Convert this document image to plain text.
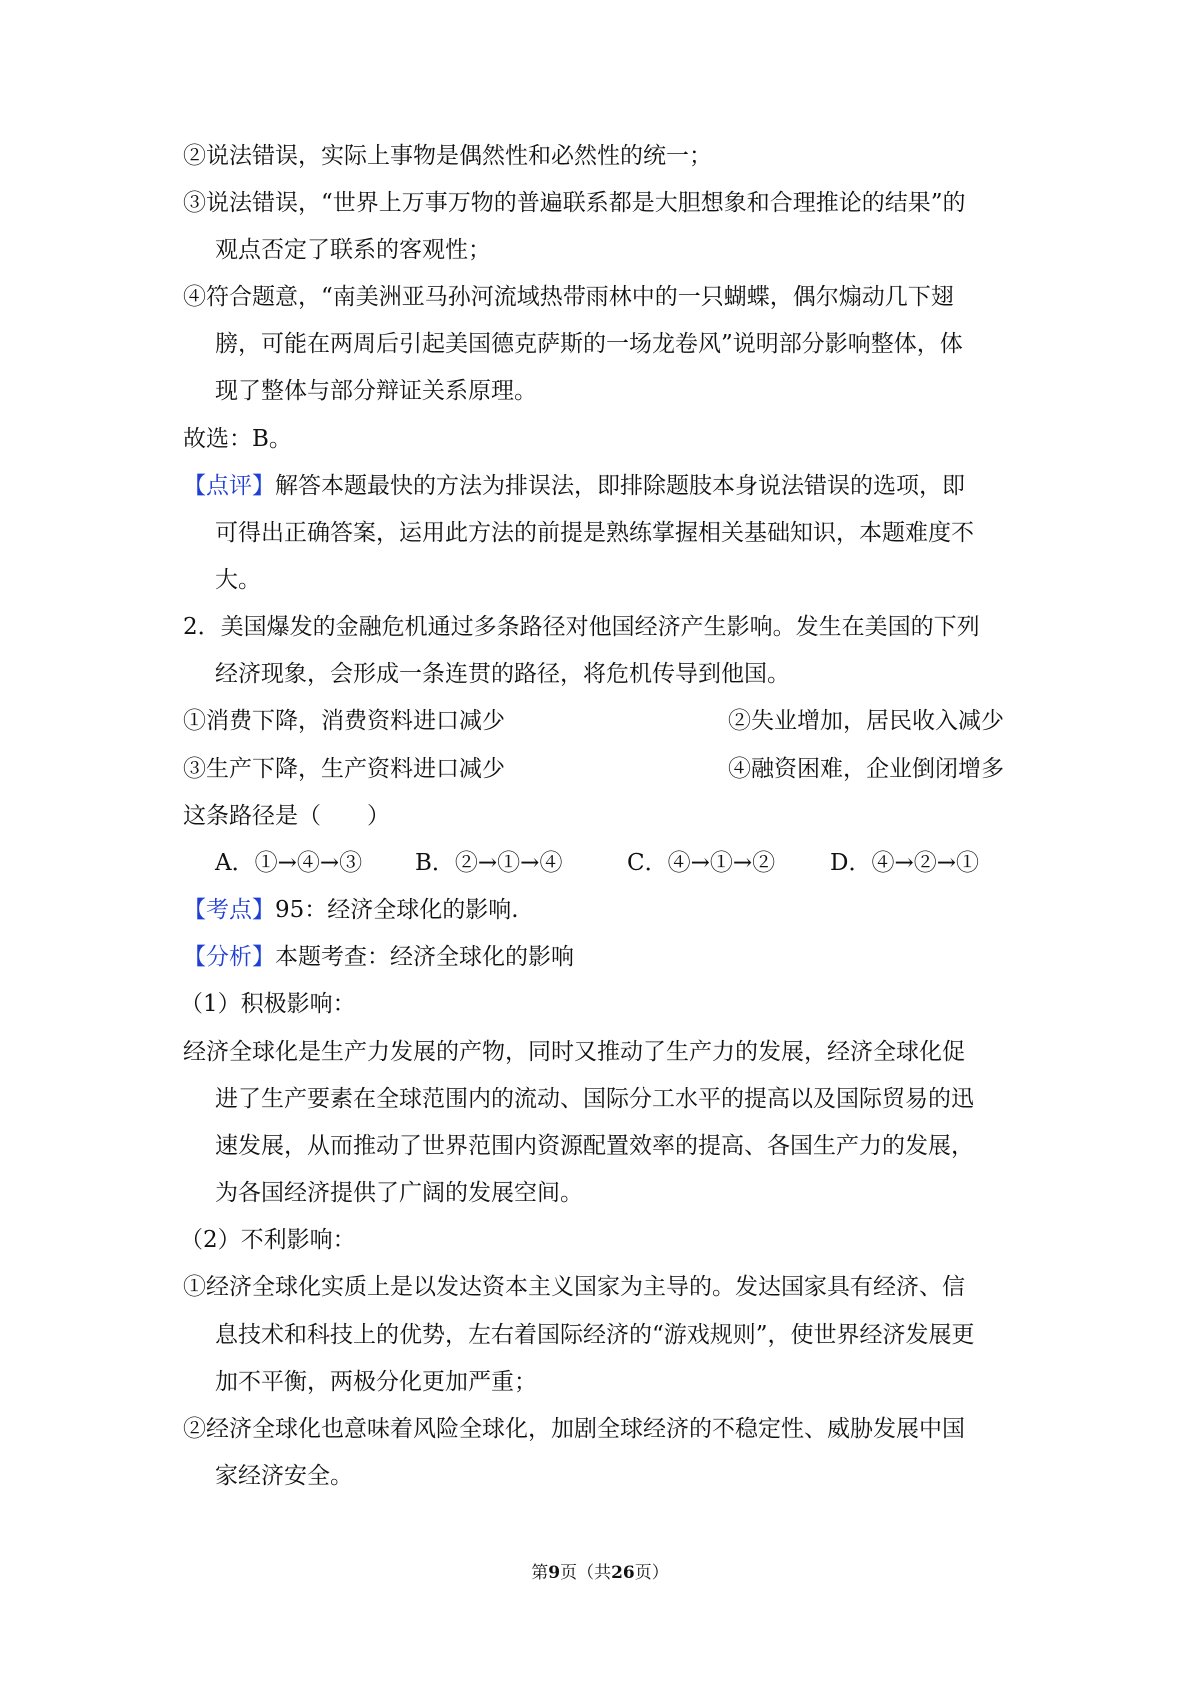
②说法错误，实际上事物是偶然性和必然性的统一；
③说法错误，“世界上万事万物的普遍联系都是大胆想象和合理推论的结果”的
观点否定了联系的客观性；
④符合题意，“南美洲亚马孙河流域热带雨林中的一只蝴蝶，偶尔煽动几下翅
膀，可能在两周后引起美国德克萨斯的一场龙卷风”说明部分影响整体，体
现了整体与部分辩证关系原理。
故选：B。
【点评】解答本题最快的方法为排误法，即排除题肢本身说法错误的选项，即
可得出正确答案，运用此方法的前提是熟练掌握相关基础知识，本题难度不
大。
2．美国爆发的金融危机通过多条路径对他国经济产生影响。发生在美国的下列
经济现象，会形成一条连贯的路径，将危机传导到他国。
①消费下降，消费资料进口减少	②失业增加，居民收入减少
③生产下降，生产资料进口减少	④融资困难，企业倒闭增多
这条路径是（　　）
A．①→④→③ B．②→①→④	C．④→①→② D．④→②→①
【考点】95：经济全球化的影响.
【分析】本题考查：经济全球化的影响
（1）积极影响：
经济全球化是生产力发展的产物，同时又推动了生产力的发展，经济全球化促
进了生产要素在全球范围内的流动、国际分工水平的提高以及国际贸易的迅
速发展，从而推动了世界范围内资源配置效率的提高、各国生产力的发展，
为各国经济提供了广阔的发展空间。
（2）不利影响：
①经济全球化实质上是以发达资本主义国家为主导的。发达国家具有经济、信
息技术和科技上的优势，左右着国际经济的“游戏规则”，使世界经济发展更
加不平衡，两极分化更加严重；
②经济全球化也意味着风险全球化，加剧全球经济的不稳定性、威胁发展中国
家经济安全。
第9页（共26页）
